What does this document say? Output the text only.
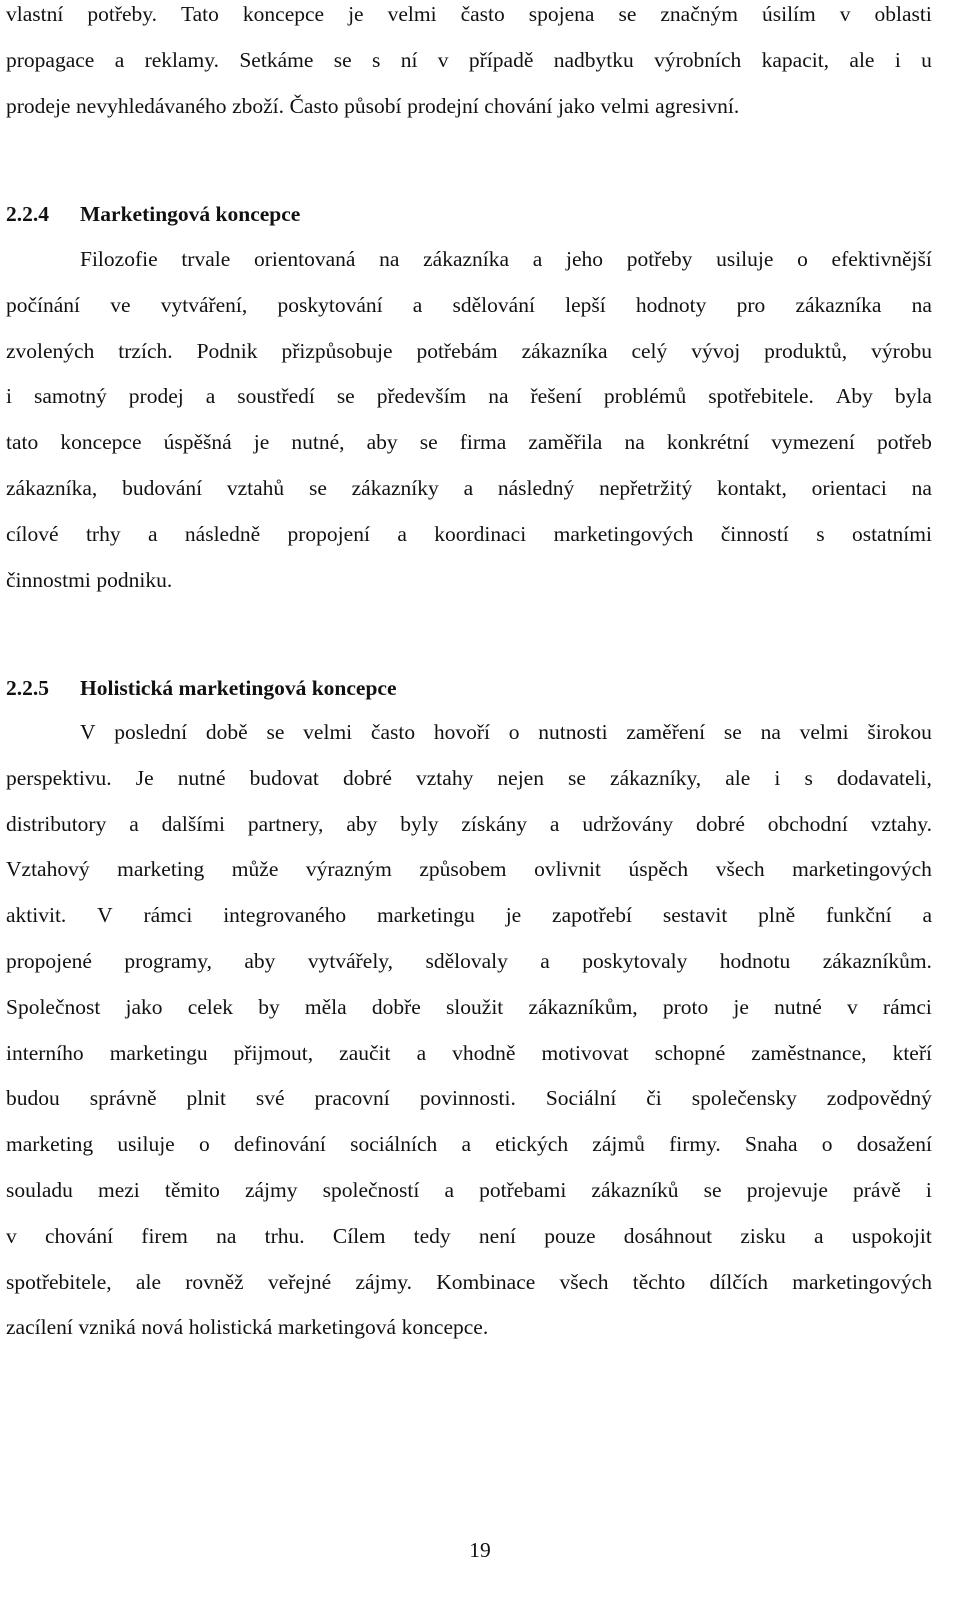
vlastní potřeby. Tato koncepce je velmi často spojena se značným úsilím v oblasti
propagace a reklamy. Setkáme se s ní v případě nadbytku výrobních kapacit, ale i u
prodeje nevyhledávaného zboží. Často působí prodejní chování jako velmi agresivní.
2.2.4 Marketingová koncepce
Filozofie trvale orientovaná na zákazníka a jeho potřeby usiluje o efektivnější
počínání ve vytváření, poskytování a sdělování lepší hodnoty pro zákazníka na
zvolených trzích. Podnik přizpůsobuje potřebám zákazníka celý vývoj produktů, výrobu
i samotný prodej a soustředí se především na řešení problémů spotřebitele. Aby byla
tato koncepce úspěšná je nutné, aby se firma zaměřila na konkrétní vymezení potřeb
zákazníka, budování vztahů se zákazníky a následný nepřetržitý kontakt, orientaci na
cílové trhy a následně propojení a koordinaci marketingových činností s ostatními
činnostmi podniku.
2.2.5 Holistická marketingová koncepce
V poslední době se velmi často hovoří o nutnosti zaměření se na velmi širokou
perspektivu. Je nutné budovat dobré vztahy nejen se zákazníky, ale i s dodavateli,
distributory a dalšími partnery, aby byly získány a udržovány dobré obchodní vztahy.
Vztahový marketing může výrazným způsobem ovlivnit úspěch všech marketingových
aktivit. V rámci integrovaného marketingu je zapotřebí sestavit plně funkční a
propojené programy, aby vytvářely, sdělovaly a poskytovaly hodnotu zákazníkům.
Společnost jako celek by měla dobře sloužit zákazníkům, proto je nutné v rámci
interního marketingu přijmout, zaučit a vhodně motivovat schopné zaměstnance, kteří
budou správně plnit své pracovní povinnosti. Sociální či společensky zodpovědný
marketing usiluje o definování sociálních a etických zájmů firmy. Snaha o dosažení
souladu mezi těmito zájmy společností a potřebami zákazníků se projevuje právě i
v chování firem na trhu. Cílem tedy není pouze dosáhnout zisku a uspokojit
spotřebitele, ale rovněž veřejné zájmy. Kombinace všech těchto dílčích marketingových
zacílení vzniká nová holistická marketingová koncepce.
19
